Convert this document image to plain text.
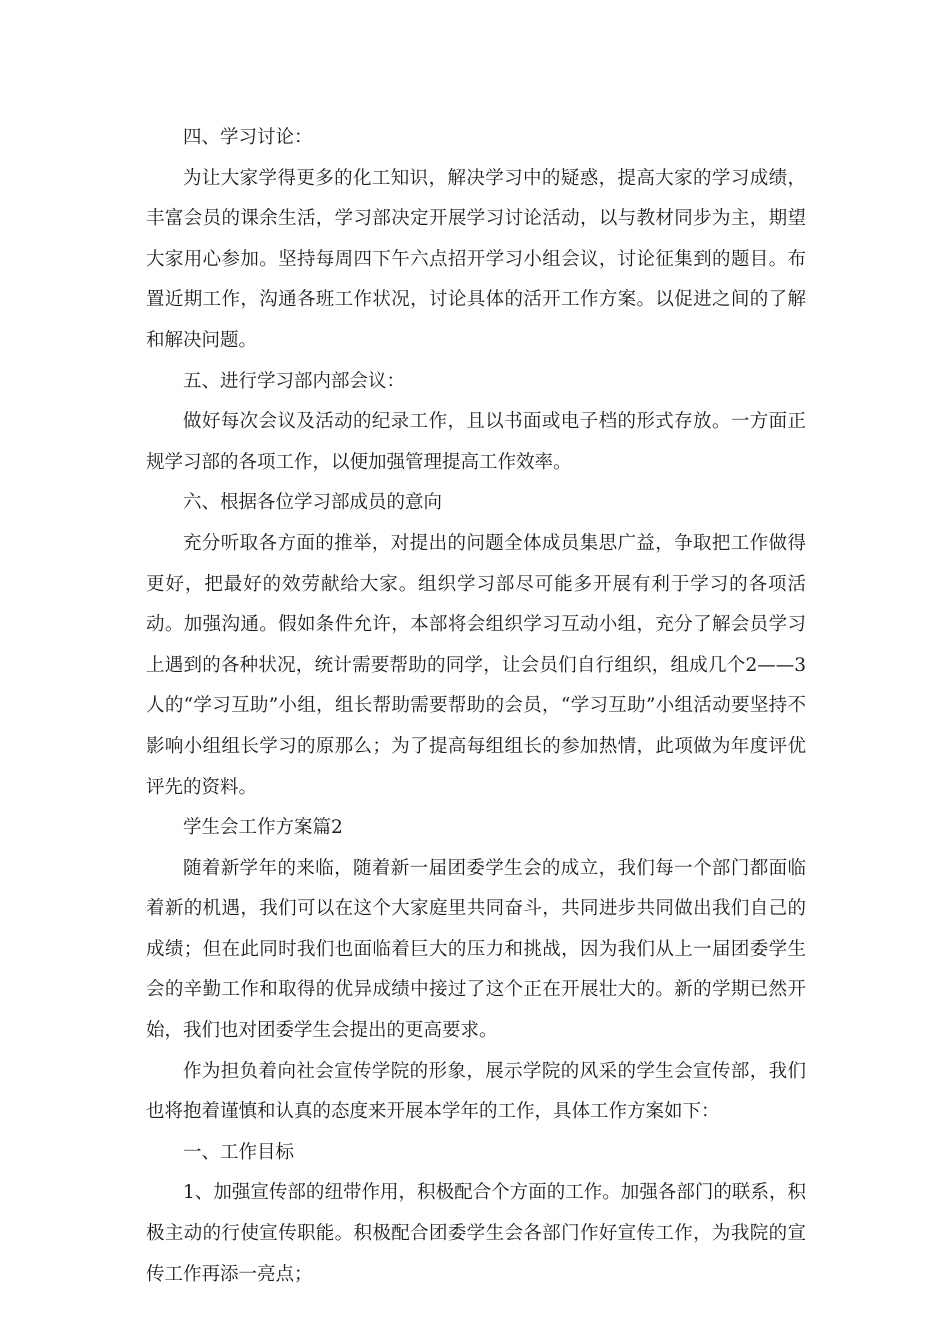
四、学习讨论：

为让大家学得更多的化工知识，解决学习中的疑惑，提高大家的学习成绩，丰富会员的课余生活，学习部决定开展学习讨论活动，以与教材同步为主，期望大家用心参加。坚持每周四下午六点招开学习小组会议，讨论征集到的题目。布置近期工作，沟通各班工作状况，讨论具体的活开工作方案。以促进之间的了解和解决问题。

五、进行学习部内部会议：

做好每次会议及活动的纪录工作，且以书面或电子档的形式存放。一方面正规学习部的各项工作，以便加强管理提高工作效率。

六、根据各位学习部成员的意向

充分听取各方面的推举，对提出的问题全体成员集思广益，争取把工作做得更好，把最好的效劳献给大家。组织学习部尽可能多开展有利于学习的各项活动。加强沟通。假如条件允许，本部将会组织学习互动小组，充分了解会员学习上遇到的各种状况，统计需要帮助的同学，让会员们自行组织，组成几个2——3人的“学习互助”小组，组长帮助需要帮助的会员，“学习互助”小组活动要坚持不影响小组组长学习的原那么；为了提高每组组长的参加热情，此项做为年度评优评先的资料。

学生会工作方案篇2

随着新学年的来临，随着新一届团委学生会的成立，我们每一个部门都面临着新的机遇，我们可以在这个大家庭里共同奋斗，共同进步共同做出我们自己的成绩；但在此同时我们也面临着巨大的压力和挑战，因为我们从上一届团委学生会的辛勤工作和取得的优异成绩中接过了这个正在开展壮大的。新的学期已然开始，我们也对团委学生会提出的更高要求。

作为担负着向社会宣传学院的形象，展示学院的风采的学生会宣传部，我们也将抱着谨慎和认真的态度来开展本学年的工作，具体工作方案如下：

一、工作目标

1、加强宣传部的纽带作用，积极配合个方面的工作。加强各部门的联系，积极主动的行使宣传职能。积极配合团委学生会各部门作好宣传工作，为我院的宣传工作再添一亮点；
